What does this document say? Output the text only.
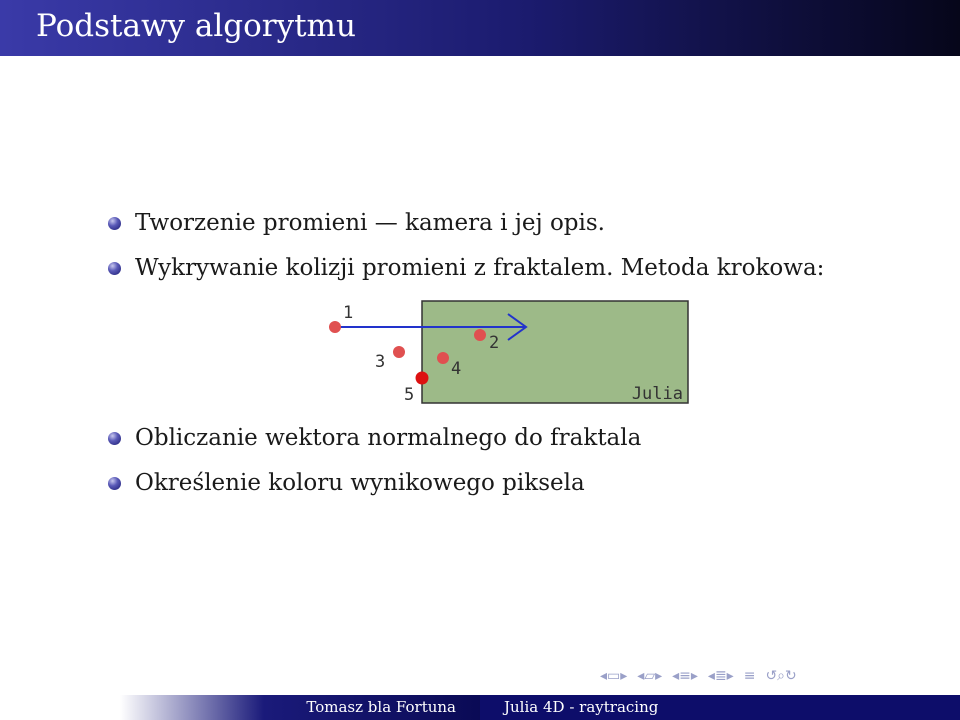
Podstawy algorytmu
Tworzenie promieni — kamera i jej opis.
Wykrywanie kolizji promieni z fraktalem. Metoda krokowa:
Obliczanie wektora normalnego do fraktala
Określenie koloru wynikowego piksela
Julia
1
2
3	4
5
◂▭▸ ◂▱▸ ◂≡▸ ◂≣▸ ≡ ↺⌕↻
Tomasz bla Fortuna	Julia 4D - raytracing
